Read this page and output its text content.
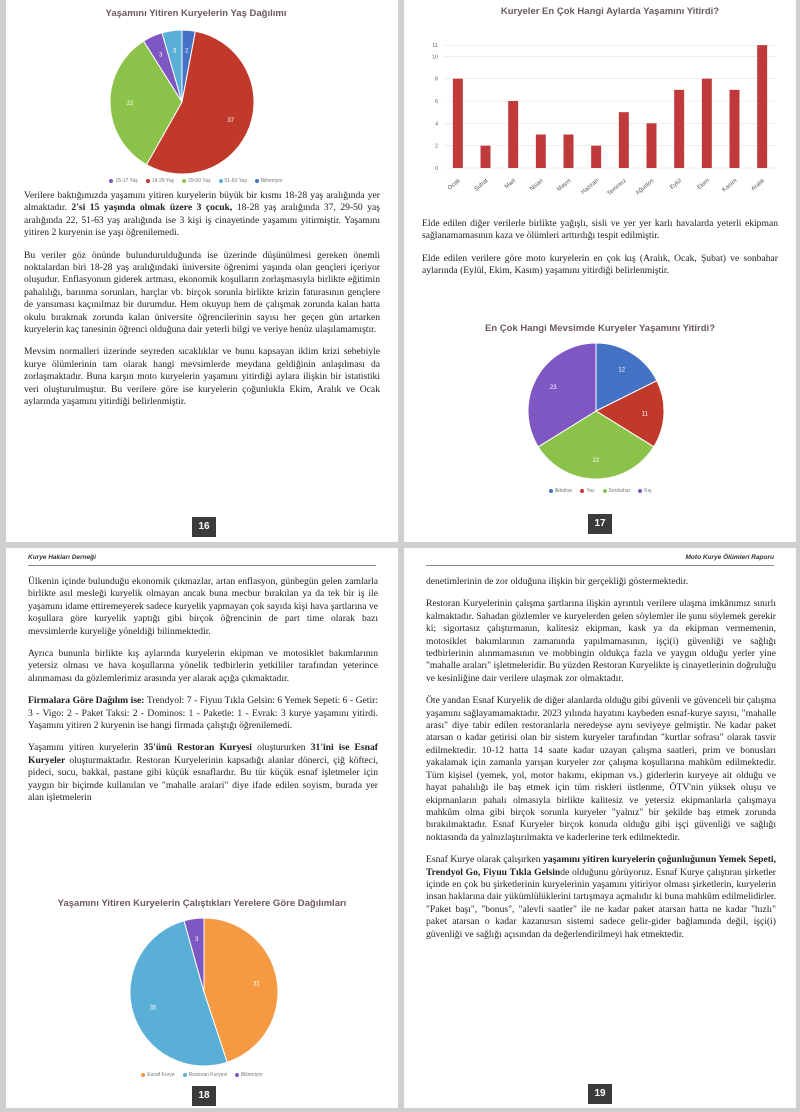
Yaşamını Yitiren Kuryelerin Yaş Dağılımı
2
37
22
3
3
15-17 Yaş	18-28 Yaş	29-50 Yaş	51-63 Yaş	Bilinmiyor

Verilere baktığımızda yaşamını yitiren kuryelerin büyük bir kısmı 18-28 yaş aralığında yer almaktadır. 2'si 15 yaşında olmak üzere 3 çocuk, 18-28 yaş aralığında 37, 29-50 yaş aralığında 22, 51-63 yaş aralığında ise 3 kişi iş cinayetinde yaşamını yitirmiştir. Yaşamını yitiren 2 kuryenin ise yaşı öğrenilemedi.

Bu veriler göz önünde bulundurulduğunda ise üzerinde düşünülmesi gereken önemli noktalardan biri 18-28 yaş aralığındaki üniversite öğrenimi yaşında olan gençleri içeriyor oluşudur. Enflasyonun giderek artması, ekonomik koşulların zorlaşmasıyla birlikte eğitimin pahalılığı, barınma sorunları, harçlar vb. birçok sorunla birlikte krizin faturasının gençlere de yansıması kaçınılmaz bir durumdur. Hem okuyup hem de çalışmak zorunda kalan hatta okulu bırakmak zorunda kalan üniversite öğrencilerinin sayısı her geçen gün artarken kuryelerin kaç tanesinin öğrenci olduğuna dair yeterli bilgi ve veriye henüz ulaşılamamıştır.

Mevsim normalleri üzerinde seyreden sıcaklıklar ve bunu kapsayan iklim krizi sebebiyle kurye ölümlerinin tam olarak hangi mevsimlerde meydana geldiğinin anlaşılması da zorlaşmaktadır. Buna karşın moto kuryelerin yaşamını yitirdiği aylara ilişkin bir istatistiki veri oluşturulmuştur. Bu verilere göre ise kuryelerin çoğunlukla Ekim, Aralık ve Ocak aylarında yaşamını yitirdiği belirlenmiştir.

16
Kuryeler En Çok Hangi Aylarda Yaşamını Yitirdi?
0
2
4
6
8
10
11
Ocak Şubat Mart Nisan Mayıs Haziran Temmuz Ağustos Eylül Ekim Kasım Aralık

Elde edilen diğer verilerle birlikte yağışlı, sisli ve yer yer karlı havalarda yeterli ekipman sağlanamamasının kaza ve ölümleri arttırdığı tespit edilmiştir.

Elde edilen verilere göre moto kuryelerin en çok kış (Aralık, Ocak, Şubat) ve sonbahar aylarında (Eylül, Ekim, Kasım) yaşamını yitirdiği belirlenmiştir.

En Çok Hangi Mevsimde Kuryeler Yaşamını Yitirdi?
12
11
22
23
İlkbahar	Yaz	Sonbahar	Kış
17
Kurye Hakları Derneği

Ülkenin içinde bulunduğu ekonomik çıkmazlar, artan enflasyon, günbegün gelen zamlarla birlikte asıl mesleği kuryelik olmayan ancak buna mecbur bırakılan ya da tek bir iş ile yaşamını idame ettiremeyerek sadece kuryelik yapmayan çok sayıda kişi hava şartlarına ve koşullara göre kuryelik yaptığı gibi birçok öğrencinin de part time olarak bazı mevsimlerde kuryeliğe yöneldiği bilinmektedir.

Ayrıca bununla birlikte kış aylarında kuryelerin ekipman ve motosiklet bakımlarının yetersiz olması ve hava koşullarına yönelik tedbirlerin yetkililer tarafından yeterince alınmaması da gözlemlerimiz arasında yer alarak açığa çıkmaktadır.

Firmalara Göre Dağılım ise: Trendyol: 7 - Fiyuu Tıkla Gelsin: 6 Yemek Sepeti: 6 - Getir: 3 - Vigo: 2 - Paket Taksi: 2 - Dominos: 1 - Paketle: 1 - Evrak: 3 kurye yaşamını yitirdi. Yaşamını yitiren 2 kuryenin ise hangi firmada çalıştığı öğrenilemedi.

Yaşamını yitiren kuryelerin 35'ünü Restoran Kuryesi oluştururken 31'ini ise Esnaf Kuryeler oluşturmaktadır. Restoran Kuryelerinin kapsadığı alanlar dönerci, çiğ köfteci, pideci, sucu, bakkal, pastane gibi küçük esnaflardır. Bu tür küçük esnaf işletmeler için yaygın bir biçimde kullanılan ve "mahalle aralari" diye ifade edilen soyism, burada yer alan işletmelerin

Yaşamını Yitiren Kuryelerin Çalıştıkları Yerelere Göre Dağılımları
31
35
3
Esnaf Kurye	Restoran Kuryesi	Bilinmiyor
18
Moto Kurye Ölümleri Raporu

denetimlerinin de zor olduğuna ilişkin bir gerçekliği göstermektedir.

Restoran Kuryelerinin çalışma şartlarına ilişkin ayrıntılı verilere ulaşma imkânımız sınırlı kalmaktadır. Sahadan gözlemler ve kuryelerden gelen söylemler ile şunu söylemek gerekir ki; sigortasız çalıştırmanın, kalitesiz ekipman, kask ya da ekipman vermemenin, motosiklet bakımlarının zamanında yapılmamasının, işçi(i) güvenliği ve sağlığı tedbirlerinin alınmamasının ve mobbingin oldukça fazla ve yaygın olduğu yerler yine "mahalle araları" işletmeleridir. Bu yüzden Restoran Kuryelikte iş cinayetlerinin doğruluğu ve kesinliğine dair verilere ulaşmak zor olmaktadır.

Öte yandan Esnaf Kuryelik de diğer alanlarda olduğu gibi güvenli ve güvenceli bir çalışma yaşamını sağlayamamaktadır. 2023 yılında hayatını kaybeden esnaf-kurye sayısı, "mahalle arası" diye tabir edilen restoranlarla neredeyse aynı seviyeye gelmiştir. Ne kadar paket atarsan o kadar getirisi olan bir sistem kuryeler tarafından "kurtlar sofrası" olarak tasvir edilmektedir. 10-12 hatta 14 saate kadar uzayan çalışma saatleri, prim ve bonusları yakalamak için zamanla yarışan kuryeler zor çalışma koşullarına mahkûm edilmektedir. Tüm kişisel (yemek, yol, motor bakımı, ekipman vs.) giderlerin kuryeye ait olduğu ve hayat pahalılığı ile baş etmek için tüm riskleri üstlenme, ÖTV'nin yüksek oluşu ve ekipmanların pahalı olmasıyla birlikte kalitesiz ve yetersiz ekipmanlarla çalışmaya mahkûm olma gibi birçok sorunla kuryeler "yalnız" bir şekilde baş etmek zorunda bırakılmaktadır. Esnaf Kuryeler birçok konuda olduğu gibi işçi güvenliği ve sağlığı noktasında da yalnızlaştırılmakta ve kaderlerine terk edilmektedir.

Esnaf Kurye olarak çalışırken yaşamını yitiren kuryelerin çoğunluğunun Yemek Sepeti, Trendyol Go, Fiyuu Tıkla Gelsinde olduğunu görüyoruz. Esnaf Kurye çalıştıran şirketler içinde en çok bu şirketlerinin kuryelerinin yaşamını yitiriyor olması şirketlerin, kuryelerin insan haklarına dair yükümlülüklerini tartışmaya açmalıdır ki buna mahkûm edilmelidirler. "Paket başı", "bonus", "alevli saatler" ile ne kadar paket atarsan hatta ne kadar "hızlı" paket atarsan o kadar kazanırsın sistemi sadece gelir-gider bağlamında değil, işçi(i) güvenliği ve sağlığı açısından da değerlendirilmeyi hak etmektedir.

19
